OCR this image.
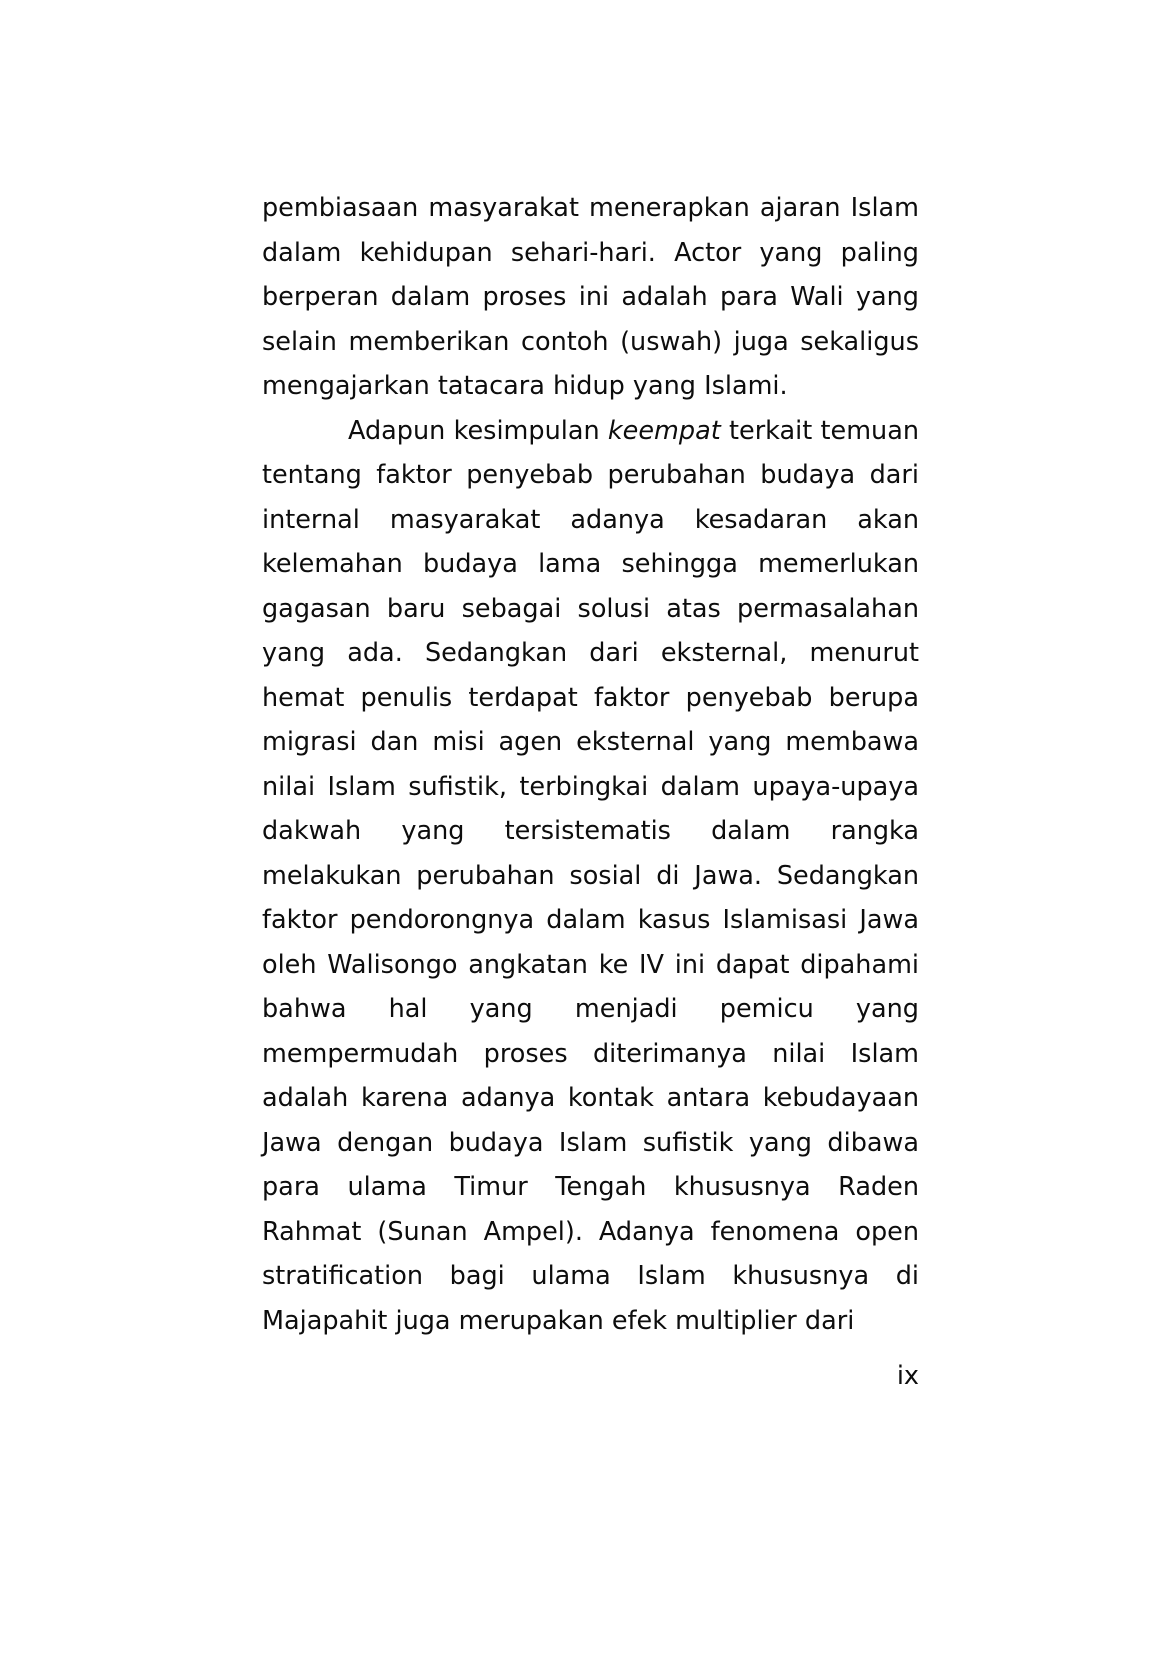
pembiasaan masyarakat menerapkan ajaran Islam dalam kehidupan sehari-hari. Actor yang paling berperan dalam proses ini adalah para Wali yang selain memberikan contoh (uswah) juga sekaligus mengajarkan tatacara hidup yang Islami.

Adapun kesimpulan keempat terkait temuan tentang faktor penyebab perubahan budaya dari internal masyarakat adanya kesadaran akan kelemahan budaya lama sehingga memerlukan gagasan baru sebagai solusi atas permasalahan yang ada. Sedangkan dari eksternal, menurut hemat penulis terdapat faktor penyebab berupa migrasi dan misi agen eksternal yang membawa nilai Islam sufistik, terbingkai dalam upaya-upaya dakwah yang tersistematis dalam rangka melakukan perubahan sosial di Jawa. Sedangkan faktor pendorongnya dalam kasus Islamisasi Jawa oleh Walisongo angkatan ke IV ini dapat dipahami bahwa hal yang menjadi pemicu yang mempermudah proses diterimanya nilai Islam adalah karena adanya kontak antara kebudayaan Jawa dengan budaya Islam sufistik yang dibawa para ulama Timur Tengah khususnya Raden Rahmat (Sunan Ampel). Adanya fenomena open stratification bagi ulama Islam khususnya di Majapahit juga merupakan efek multiplier dari

ix
